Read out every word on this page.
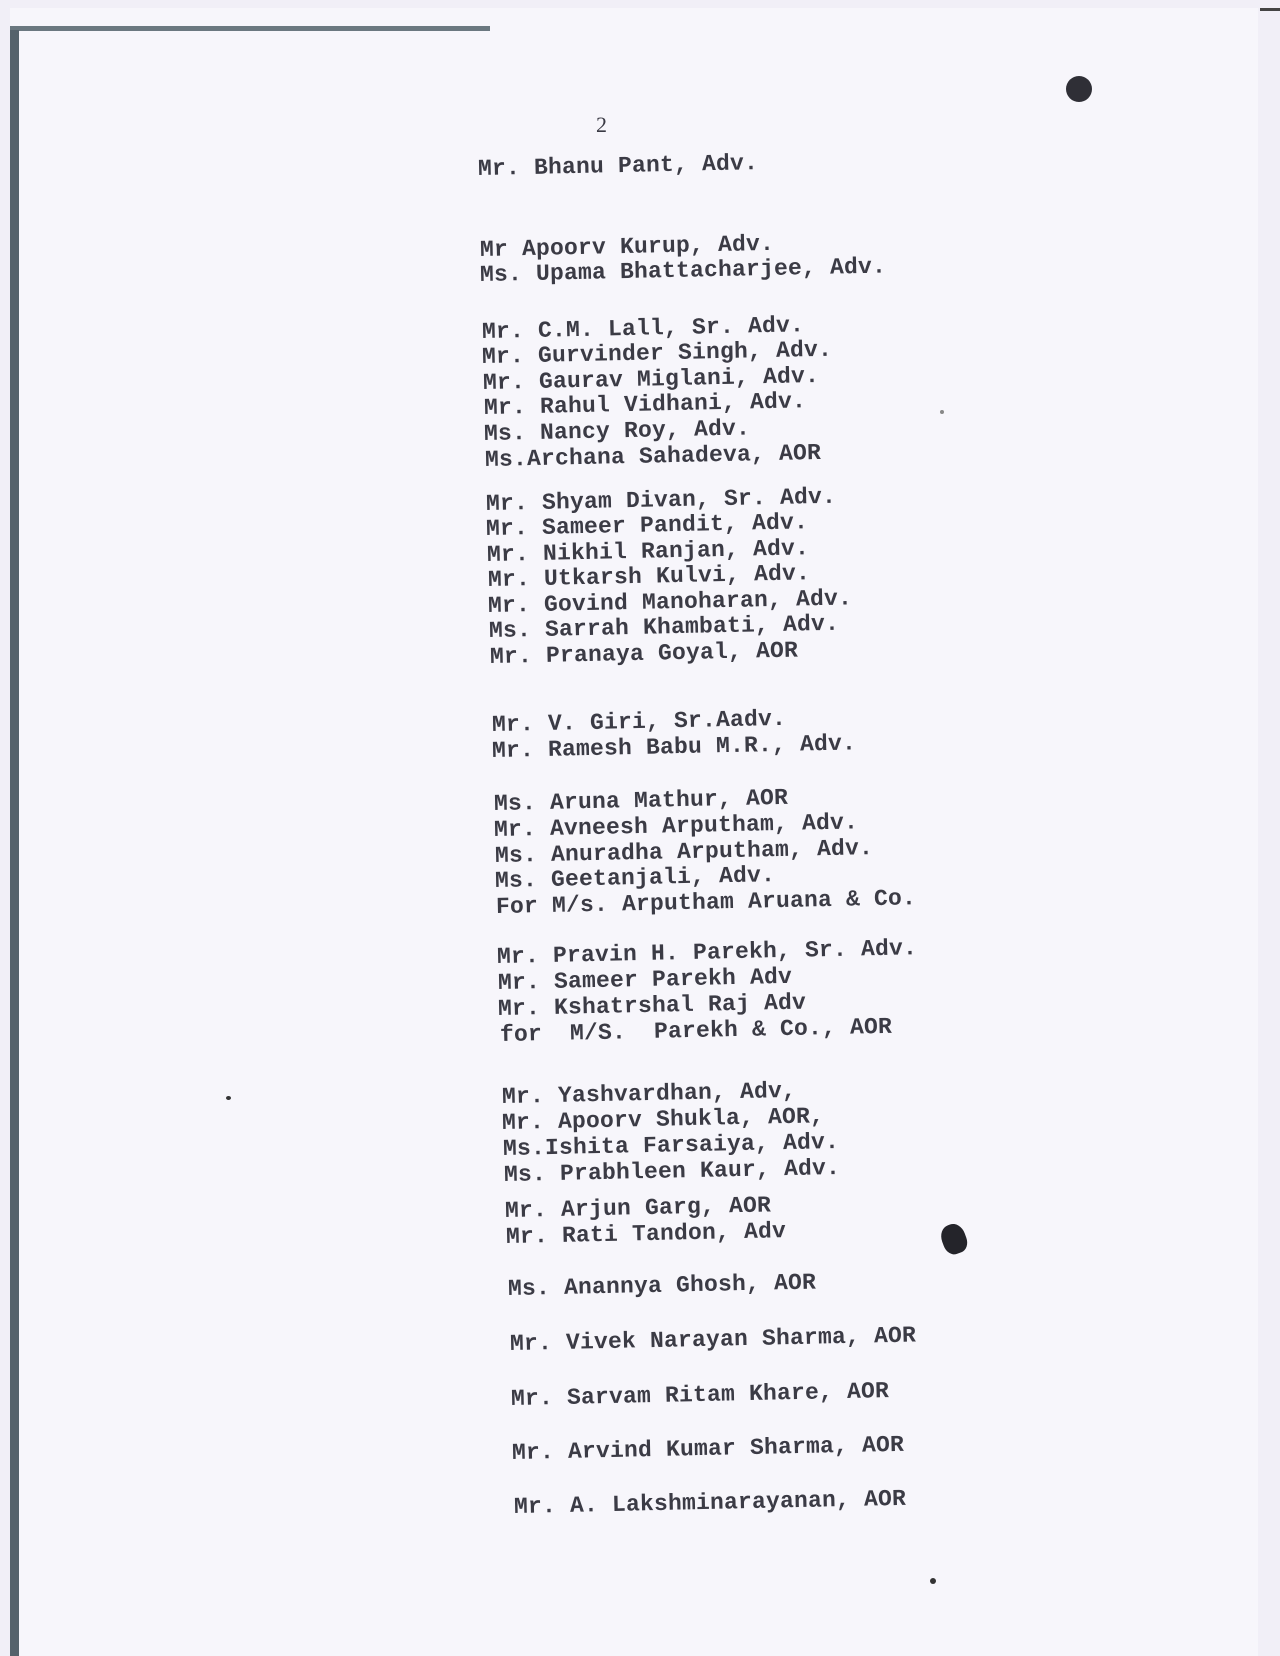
2
Mr. Bhanu Pant, Adv.
Mr Apoorv Kurup, Adv.
Ms. Upama Bhattacharjee, Adv.
Mr. C.M. Lall, Sr. Adv.
Mr. Gurvinder Singh, Adv.
Mr. Gaurav Miglani, Adv.
Mr. Rahul Vidhani, Adv.
Ms. Nancy Roy, Adv.
Ms.Archana Sahadeva, AOR
Mr. Shyam Divan, Sr. Adv.
Mr. Sameer Pandit, Adv.
Mr. Nikhil Ranjan, Adv.
Mr. Utkarsh Kulvi, Adv.
Mr. Govind Manoharan, Adv.
Ms. Sarrah Khambati, Adv.
Mr. Pranaya Goyal, AOR
Mr. V. Giri, Sr.Aadv.
Mr. Ramesh Babu M.R., Adv.
Ms. Aruna Mathur, AOR
Mr. Avneesh Arputham, Adv.
Ms. Anuradha Arputham, Adv.
Ms. Geetanjali, Adv.
For M/s. Arputham Aruana & Co.
Mr. Pravin H. Parekh, Sr. Adv.
Mr. Sameer Parekh Adv
Mr. Kshatrshal Raj Adv
for  M/S.  Parekh & Co., AOR
Mr. Yashvardhan, Adv,
Mr. Apoorv Shukla, AOR,
Ms.Ishita Farsaiya, Adv.
Ms. Prabhleen Kaur, Adv.
Mr. Arjun Garg, AOR
Mr. Rati Tandon, Adv
Ms. Anannya Ghosh, AOR
Mr. Vivek Narayan Sharma, AOR
Mr. Sarvam Ritam Khare, AOR
Mr. Arvind Kumar Sharma, AOR
Mr. A. Lakshminarayanan, AOR
